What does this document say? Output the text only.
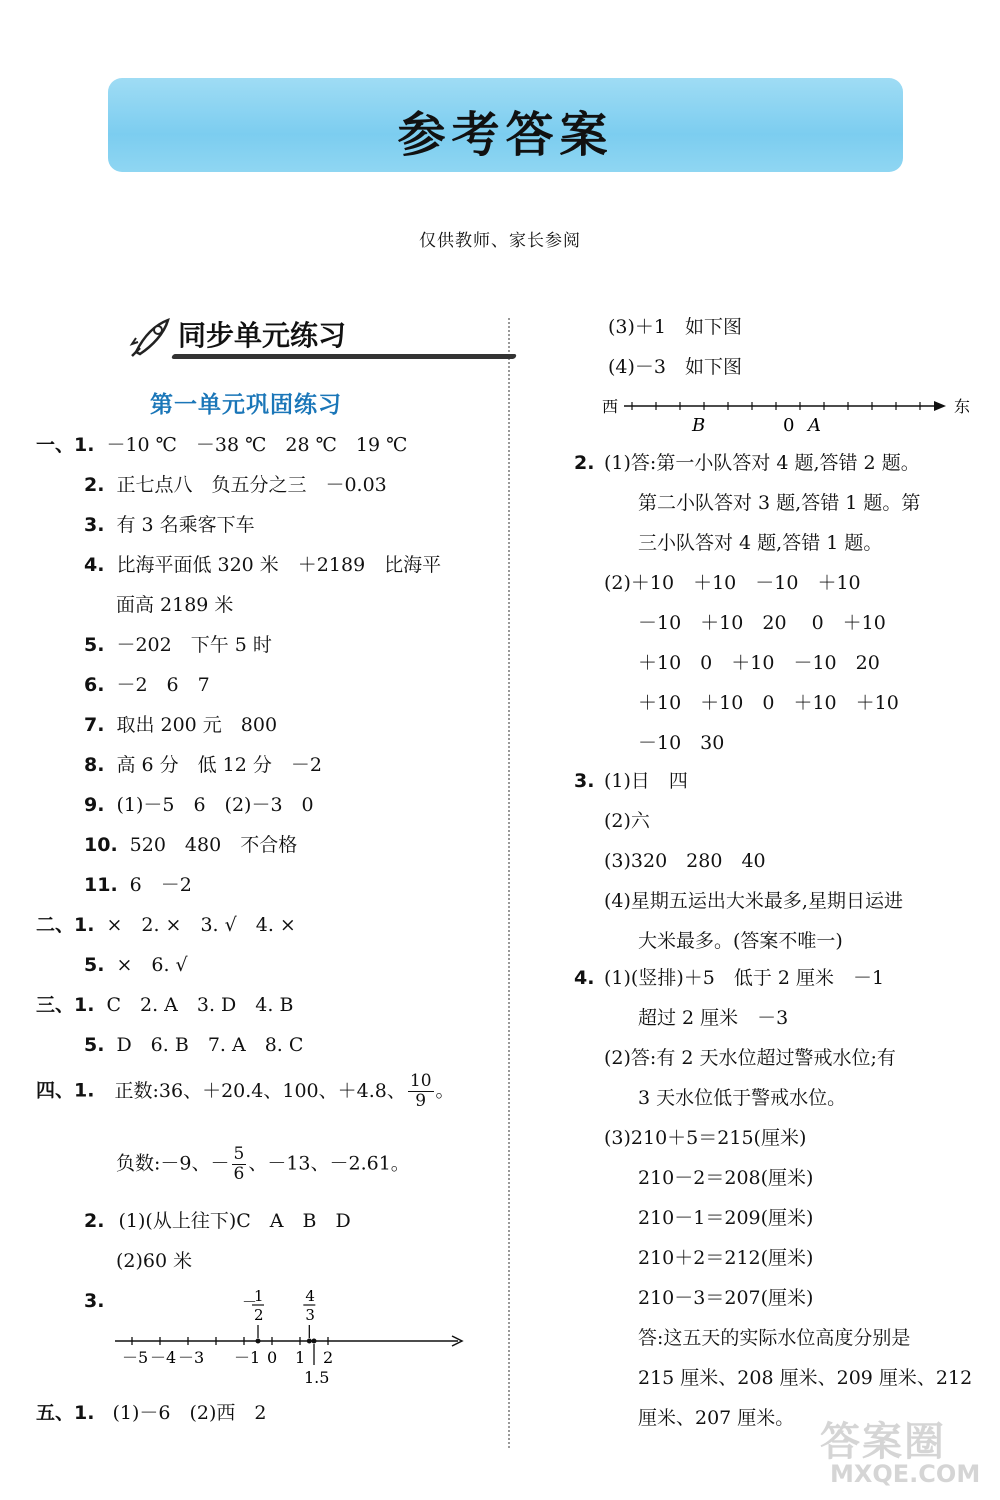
参考答案
仅供教师、家长参阅
同步单元练习
第一单元巩固练习
一、1. －10 ℃　－38 ℃　28 ℃　19 ℃
2. 正七点八　负五分之三　－0.03
3. 有 3 名乘客下车
4. 比海平面低 320 米　＋2189　比海平
面高 2189 米
5. －202　下午 5 时
6. －2　6　7
7. 取出 200 元　800
8. 高 6 分　低 12 分　－2
9. (1)－5　6　(2)－3　0
10. 520　480　不合格
11. 6　－2
二、1. ×　2. ×　3. √　4. ×
5. ×　6. √
三、1. C　2. A　3. D　4. B
5. D　6. B　7. A　8. C
四、1. 正数:36、＋20.4、100、＋4.8、 $\frac{10}{9}$ 。
负数:－9、－ $\frac{5}{6}$ 、－13、－2.61。
2. (1)(从上往下)C　A　B　D
(2)60 米
3.
－5 －4 －3 －1 0 1 2
－
1
2
4
3
1.5
五、1. (1)－6　(2)西　2
(3)＋1　如下图
(4)－3　如下图
西	东
B	0 A
2. (1)答:第一小队答对 4 题,答错 2 题。
第二小队答对 3 题,答错 1 题。第
三小队答对 4 题,答错 1 题。
(2)＋10　＋10　－10　＋10
－10　＋10　20　 0　＋10
＋10　0　＋10　－10　20
＋10　＋10　0　＋10　＋10
－10　30
3. (1)日　四
(2)六
(3)320　280　40
(4)星期五运出大米最多,星期日运进
大米最多。(答案不唯一)
4. (1)(竖排)＋5　低于 2 厘米　－1
超过 2 厘米　－3
(2)答:有 2 天水位超过警戒水位;有
3 天水位低于警戒水位。
(3)210＋5＝215(厘米)
210－2＝208(厘米)
210－1＝209(厘米)
210＋2＝212(厘米)
210－3＝207(厘米)
答:这五天的实际水位高度分别是
215 厘米、208 厘米、209 厘米、212
厘米、207 厘米。
答案圈
MXQE.COM
